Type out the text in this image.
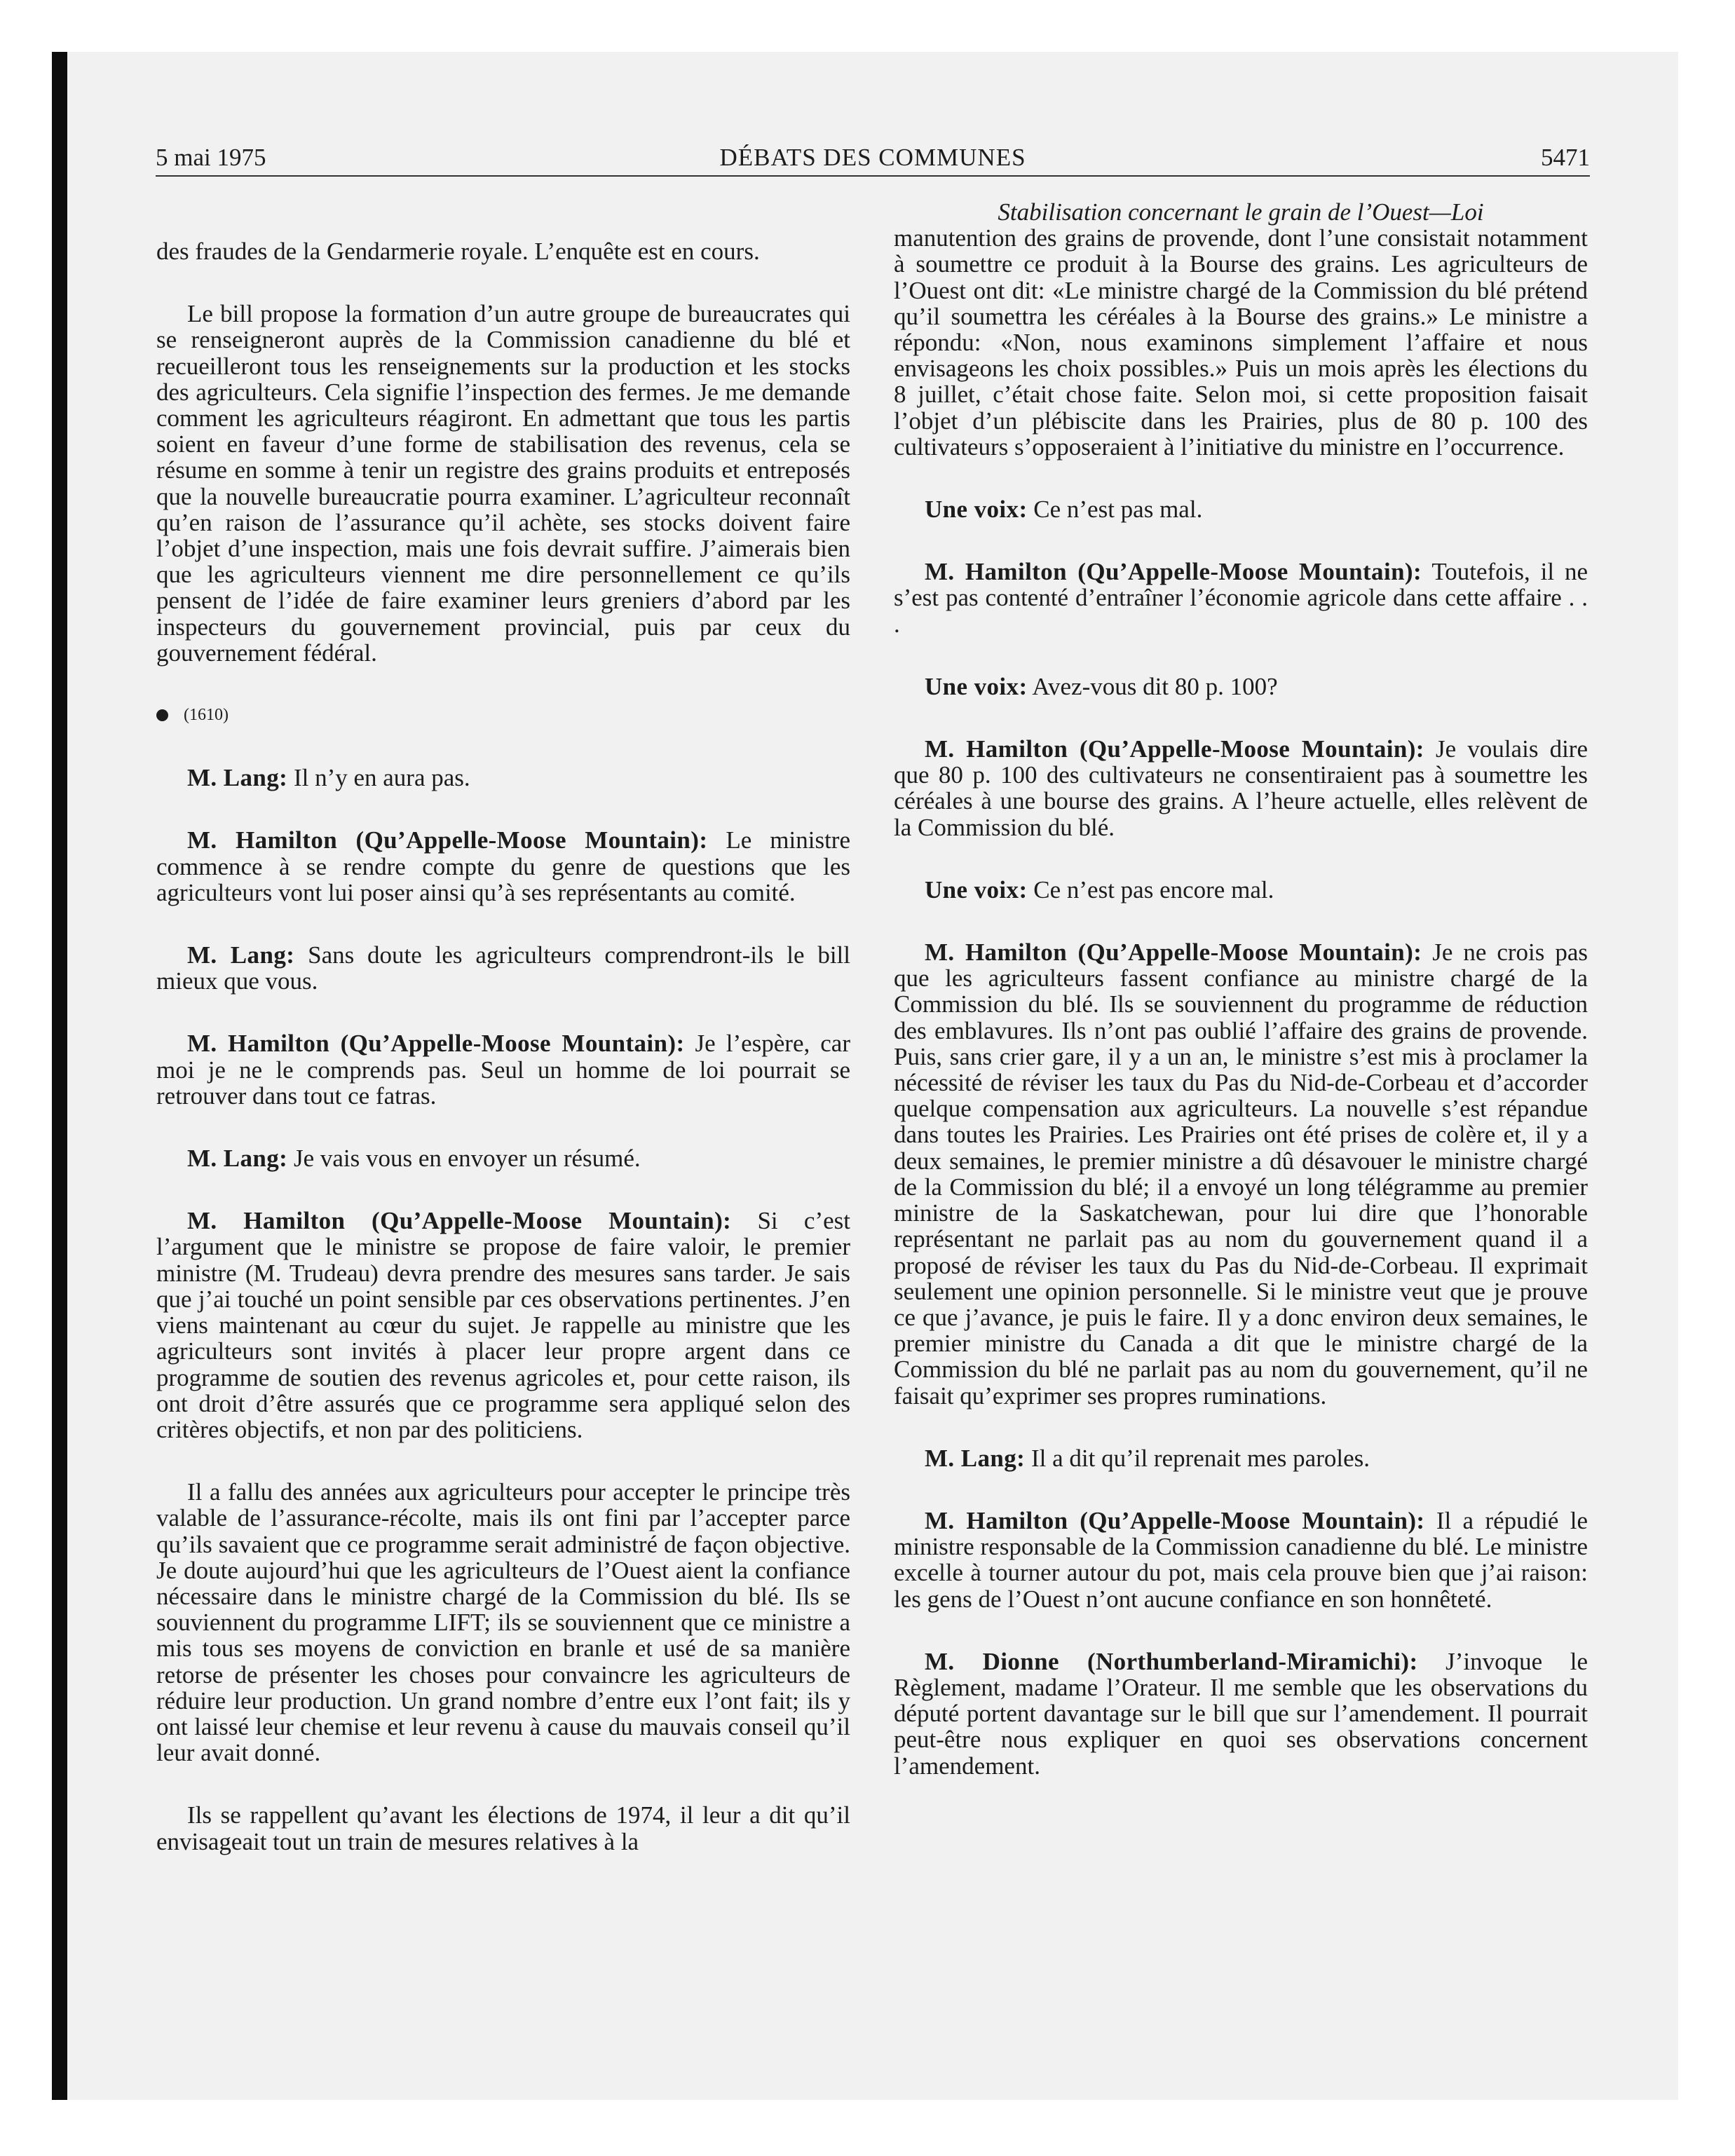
5 mai 1975	DÉBATS DES COMMUNES	5471

des fraudes de la Gendarmerie royale. L’enquête est en cours.

Le bill propose la formation d’un autre groupe de bureaucrates qui se renseigneront auprès de la Commission canadienne du blé et recueilleront tous les renseignements sur la production et les stocks des agriculteurs. Cela signifie l’inspection des fermes. Je me demande comment les agriculteurs réagiront. En admettant que tous les partis soient en faveur d’une forme de stabilisation des revenus, cela se résume en somme à tenir un registre des grains produits et entreposés que la nouvelle bureaucratie pourra examiner. L’agriculteur reconnaît qu’en raison de l’assurance qu’il achète, ses stocks doivent faire l’objet d’une inspection, mais une fois devrait suffire. J’aimerais bien que les agriculteurs viennent me dire personnellement ce qu’ils pensent de l’idée de faire examiner leurs greniers d’abord par les inspecteurs du gouvernement provincial, puis par ceux du gouvernement fédéral.

(1610)

M. Lang: Il n’y en aura pas.

M. Hamilton (Qu’Appelle-Moose Mountain): Le ministre commence à se rendre compte du genre de questions que les agriculteurs vont lui poser ainsi qu’à ses représentants au comité.

M. Lang: Sans doute les agriculteurs comprendront-ils le bill mieux que vous.

M. Hamilton (Qu’Appelle-Moose Mountain): Je l’espère, car moi je ne le comprends pas. Seul un homme de loi pourrait se retrouver dans tout ce fatras.

M. Lang: Je vais vous en envoyer un résumé.

M. Hamilton (Qu’Appelle-Moose Mountain): Si c’est l’argument que le ministre se propose de faire valoir, le premier ministre (M. Trudeau) devra prendre des mesures sans tarder. Je sais que j’ai touché un point sensible par ces observations pertinentes. J’en viens maintenant au cœur du sujet. Je rappelle au ministre que les agriculteurs sont invités à placer leur propre argent dans ce programme de soutien des revenus agricoles et, pour cette raison, ils ont droit d’être assurés que ce programme sera appliqué selon des critères objectifs, et non par des politiciens.

Il a fallu des années aux agriculteurs pour accepter le principe très valable de l’assurance-récolte, mais ils ont fini par l’accepter parce qu’ils savaient que ce programme serait administré de façon objective. Je doute aujourd’hui que les agriculteurs de l’Ouest aient la confiance nécessaire dans le ministre chargé de la Commission du blé. Ils se souviennent du programme LIFT; ils se souviennent que ce ministre a mis tous ses moyens de conviction en branle et usé de sa manière retorse de présenter les choses pour convaincre les agriculteurs de réduire leur production. Un grand nombre d’entre eux l’ont fait; ils y ont laissé leur chemise et leur revenu à cause du mauvais conseil qu’il leur avait donné.

Ils se rappellent qu’avant les élections de 1974, il leur a dit qu’il envisageait tout un train de mesures relatives à la

Stabilisation concernant le grain de l’Ouest—Loi

manutention des grains de provende, dont l’une consistait notamment à soumettre ce produit à la Bourse des grains. Les agriculteurs de l’Ouest ont dit: «Le ministre chargé de la Commission du blé prétend qu’il soumettra les céréales à la Bourse des grains.» Le ministre a répondu: «Non, nous examinons simplement l’affaire et nous envisageons les choix possibles.» Puis un mois après les élections du 8 juillet, c’était chose faite. Selon moi, si cette proposition faisait l’objet d’un plébiscite dans les Prairies, plus de 80 p. 100 des cultivateurs s’opposeraient à l’initiative du ministre en l’occurrence.

Une voix: Ce n’est pas mal.

M. Hamilton (Qu’Appelle-Moose Mountain): Toutefois, il ne s’est pas contenté d’entraîner l’économie agricole dans cette affaire . . .

Une voix: Avez-vous dit 80 p. 100?

M. Hamilton (Qu’Appelle-Moose Mountain): Je voulais dire que 80 p. 100 des cultivateurs ne consentiraient pas à soumettre les céréales à une bourse des grains. A l’heure actuelle, elles relèvent de la Commission du blé.

Une voix: Ce n’est pas encore mal.

M. Hamilton (Qu’Appelle-Moose Mountain): Je ne crois pas que les agriculteurs fassent confiance au ministre chargé de la Commission du blé. Ils se souviennent du programme de réduction des emblavures. Ils n’ont pas oublié l’affaire des grains de provende. Puis, sans crier gare, il y a un an, le ministre s’est mis à proclamer la nécessité de réviser les taux du Pas du Nid-de-Corbeau et d’accorder quelque compensation aux agriculteurs. La nouvelle s’est répandue dans toutes les Prairies. Les Prairies ont été prises de colère et, il y a deux semaines, le premier ministre a dû désavouer le ministre chargé de la Commission du blé; il a envoyé un long télégramme au premier ministre de la Saskatchewan, pour lui dire que l’honorable représentant ne parlait pas au nom du gouvernement quand il a proposé de réviser les taux du Pas du Nid-de-Corbeau. Il exprimait seulement une opinion personnelle. Si le ministre veut que je prouve ce que j’avance, je puis le faire. Il y a donc environ deux semaines, le premier ministre du Canada a dit que le ministre chargé de la Commission du blé ne parlait pas au nom du gouvernement, qu’il ne faisait qu’exprimer ses propres ruminations.

M. Lang: Il a dit qu’il reprenait mes paroles.

M. Hamilton (Qu’Appelle-Moose Mountain): Il a répudié le ministre responsable de la Commission canadienne du blé. Le ministre excelle à tourner autour du pot, mais cela prouve bien que j’ai raison: les gens de l’Ouest n’ont aucune confiance en son honnêteté.

M. Dionne (Northumberland-Miramichi): J’invoque le Règlement, madame l’Orateur. Il me semble que les observations du député portent davantage sur le bill que sur l’amendement. Il pourrait peut-être nous expliquer en quoi ses observations concernent l’amendement.
